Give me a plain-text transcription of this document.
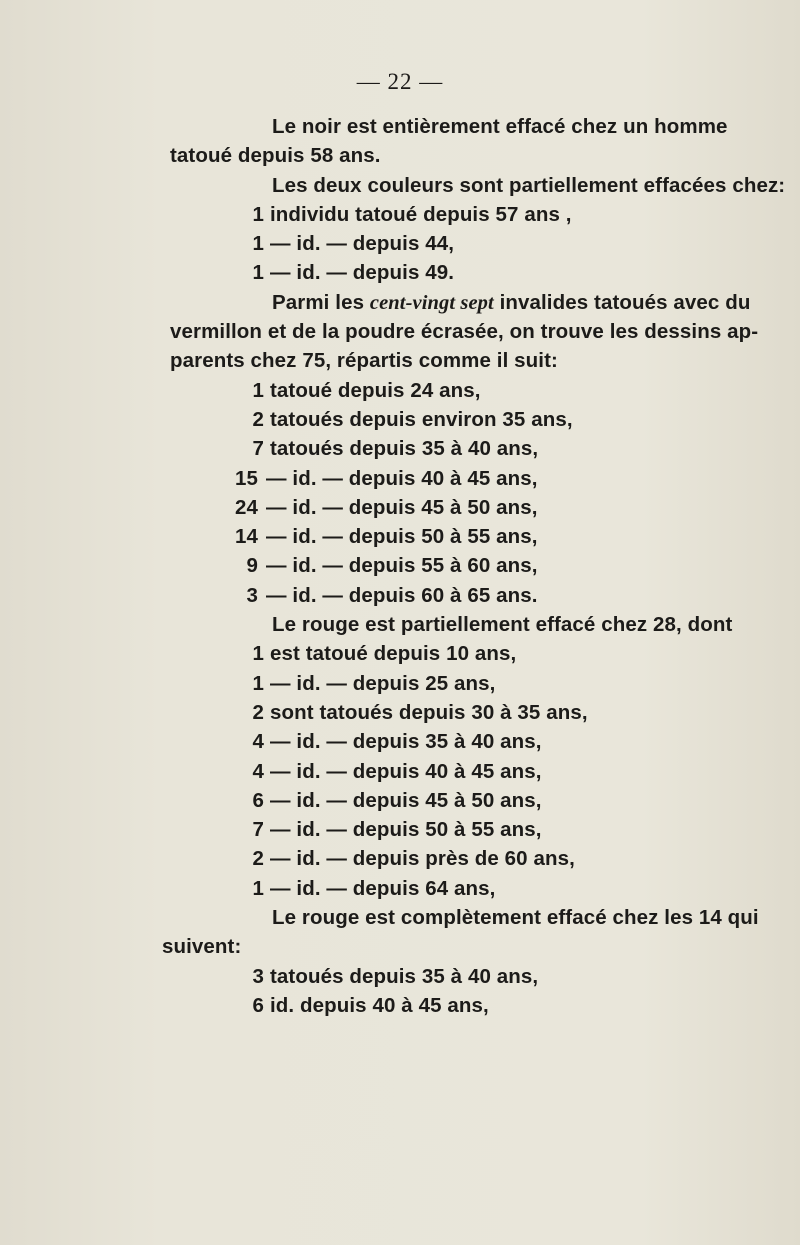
— 22 —
Le noir est entièrement effacé chez un homme
tatoué depuis 58 ans.
Les deux couleurs sont partiellement effacées chez:
1 individu tatoué depuis 57 ans ,
1 — id. — depuis 44,
1 — id. — depuis 49.
Parmi les cent-vingt sept invalides tatoués avec du
vermillon et de la poudre écrasée, on trouve les dessins ap-
parents chez 75, répartis comme il suit:
1 tatoué depuis 24 ans,
2 tatoués depuis environ 35 ans,
7 tatoués depuis 35 à 40 ans,
15 — id. — depuis 40 à 45 ans,
24 — id. — depuis 45 à 50 ans,
14 — id. — depuis 50 à 55 ans,
9 — id. — depuis 55 à 60 ans,
3 — id. — depuis 60 à 65 ans.
Le rouge est partiellement effacé chez 28, dont
1 est tatoué depuis 10 ans,
1 — id. — depuis 25 ans,
2 sont tatoués depuis 30 à 35 ans,
4 — id. — depuis 35 à 40 ans,
4 — id. — depuis 40 à 45 ans,
6 — id. — depuis 45 à 50 ans,
7 — id. — depuis 50 à 55 ans,
2 — id. — depuis près de 60 ans,
1 — id. — depuis 64 ans,
Le rouge est complètement effacé chez les 14 qui
suivent:
3 tatoués depuis 35 à 40 ans,
6 id. depuis 40 à 45 ans,
